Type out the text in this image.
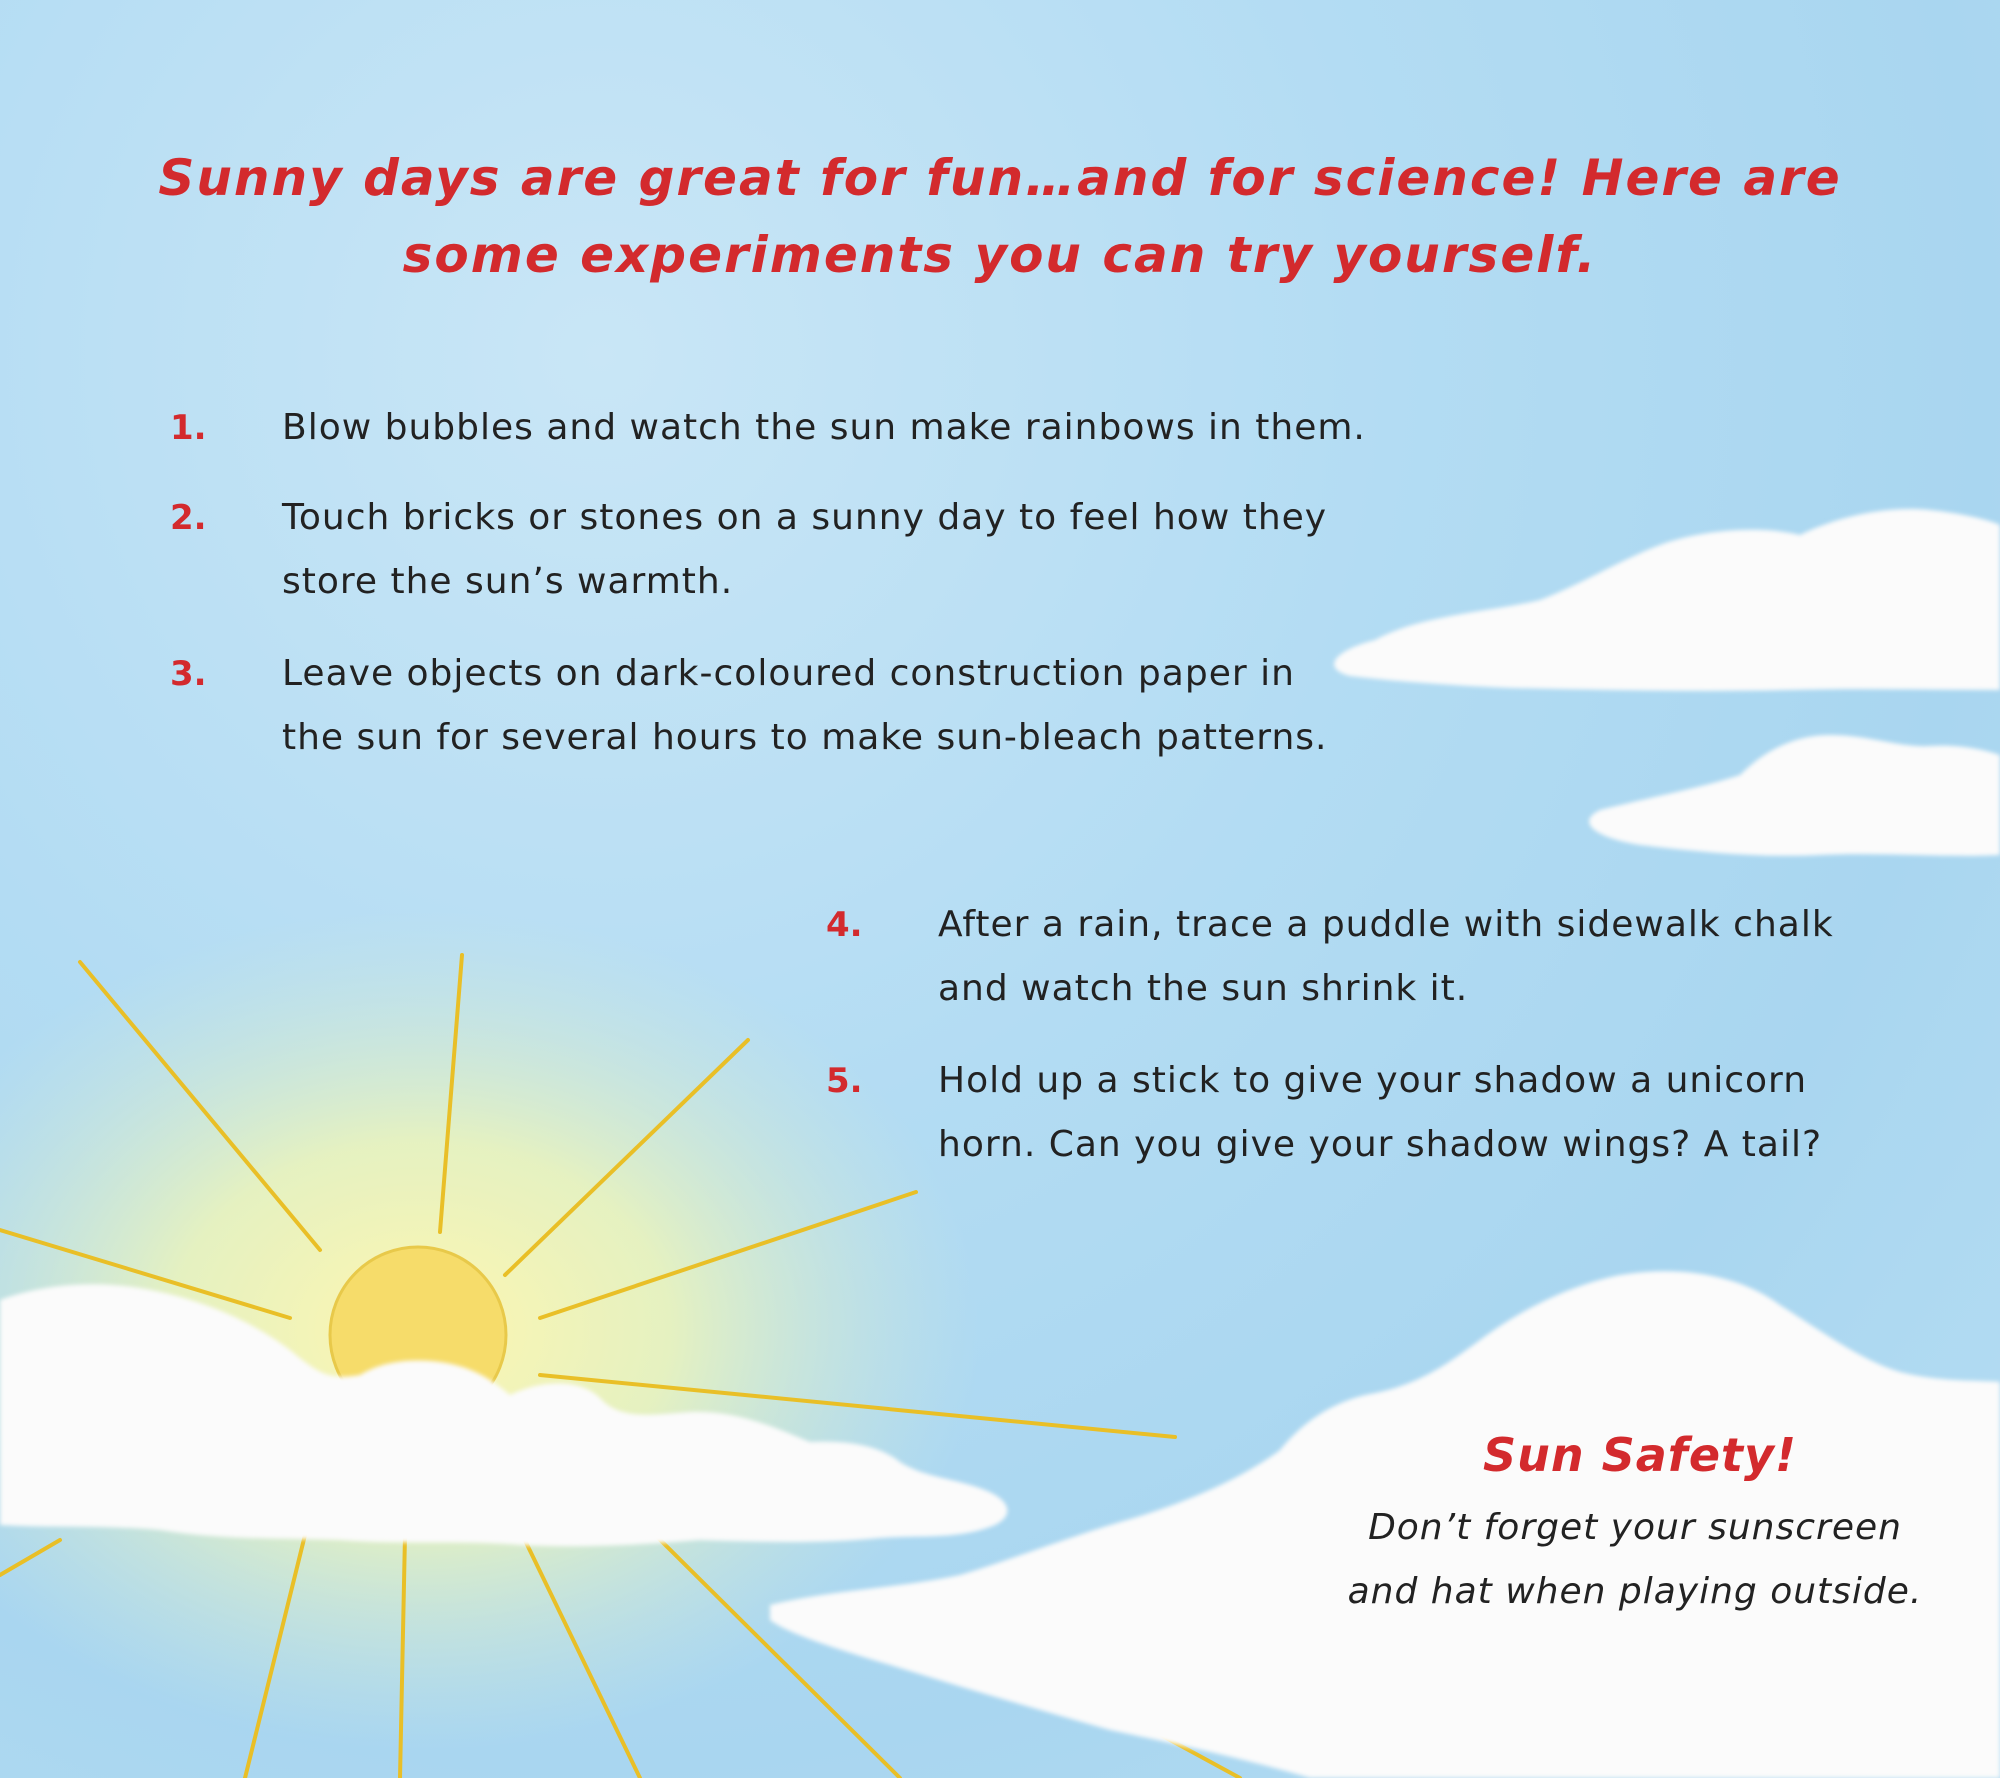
Sunny days are great for fun…and for science! Here are some experiments you can try yourself.
1. Blow bubbles and watch the sun make rainbows in them.
2. Touch bricks or stones on a sunny day to feel how they store the sun’s warmth.
3. Leave objects on dark-coloured construction paper in the sun for several hours to make sun-bleach patterns.
4. After a rain, trace a puddle with sidewalk chalk and watch the sun shrink it.
5. Hold up a stick to give your shadow a unicorn horn. Can you give your shadow wings? A tail?
Sun Safety!
Don’t forget your sunscreen and hat when playing outside.
